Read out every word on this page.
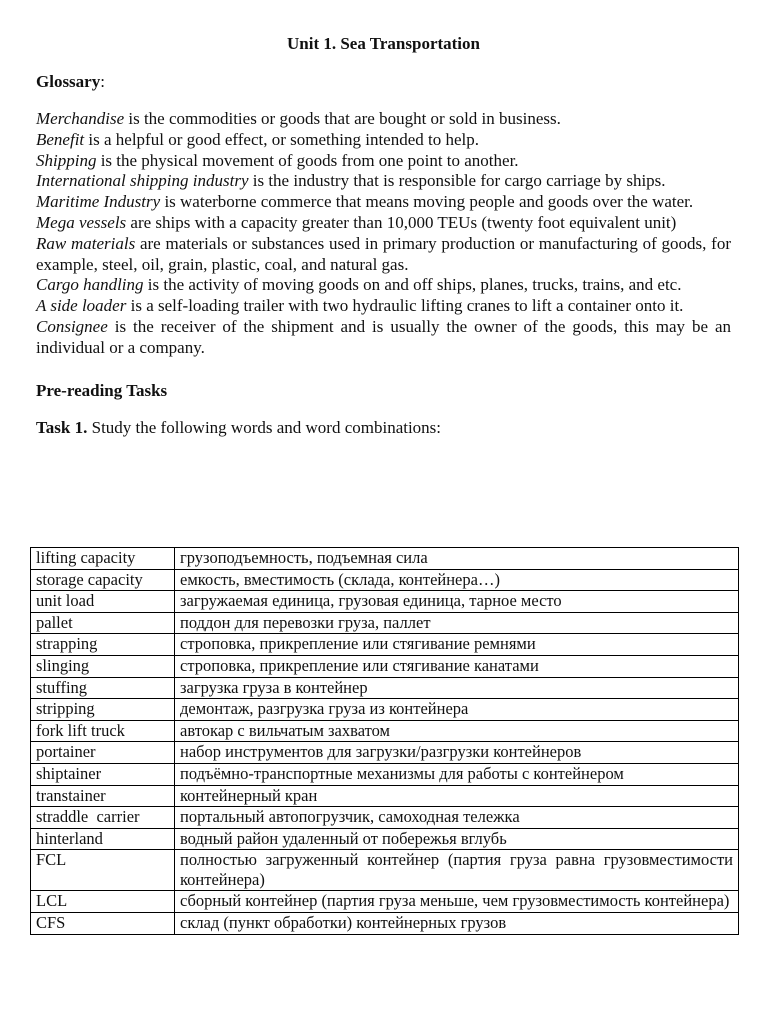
Unit 1. Sea Transportation
Glossary:

Merchandise is the commodities or goods that are bought or sold in business.

Benefit is a helpful or good effect, or something intended to help.

Shipping is the physical movement of goods from one point to another.

International shipping industry is the industry that is responsible for cargo carriage by ships.

Maritime Industry is waterborne commerce that means moving people and goods over the water.

Mega vessels are ships with a capacity greater than 10,000 TEUs (twenty foot equivalent unit)

Raw materials are materials or substances used in primary production or manufacturing of goods, for example, steel, oil, grain, plastic, coal, and natural gas.

Cargo handling is the activity of moving goods on and off ships, planes, trucks, trains, and etc.

A side loader is a self-loading trailer with two hydraulic lifting cranes to lift a container onto it.

Consignee is the receiver of the shipment and is usually the owner of the goods, this may be an individual or a company.

Pre-reading Tasks
Task 1. Study the following words and word combinations:
lifting capacity	грузоподъемность, подъемная сила
storage capacity	емкость, вместимость (склада, контейнера…)
unit load	загружаемая единица, грузовая единица, тарное место
pallet	поддон для перевозки груза, паллет
strapping	строповка, прикрепление или стягивание ремнями
slinging	строповка, прикрепление или стягивание канатами
stuffing	загрузка груза в контейнер
stripping	демонтаж, разгрузка груза из контейнера
fork lift truck	автокар с вильчатым захватом
portainer	набор инструментов для загрузки/разгрузки контейнеров
shiptainer	подъёмно-транспортные механизмы для работы с контейнером
transtainer	контейнерный кран
straddle  carrier	портальный автопогрузчик, самоходная тележка
hinterland	водный район удаленный от побережья вглубь
FCL	полностью загруженный контейнер (партия груза равна грузовместимости контейнера)
LCL	сборный контейнер (партия груза меньше, чем грузовместимость контейнера)
CFS	склад (пункт обработки) контейнерных грузов
